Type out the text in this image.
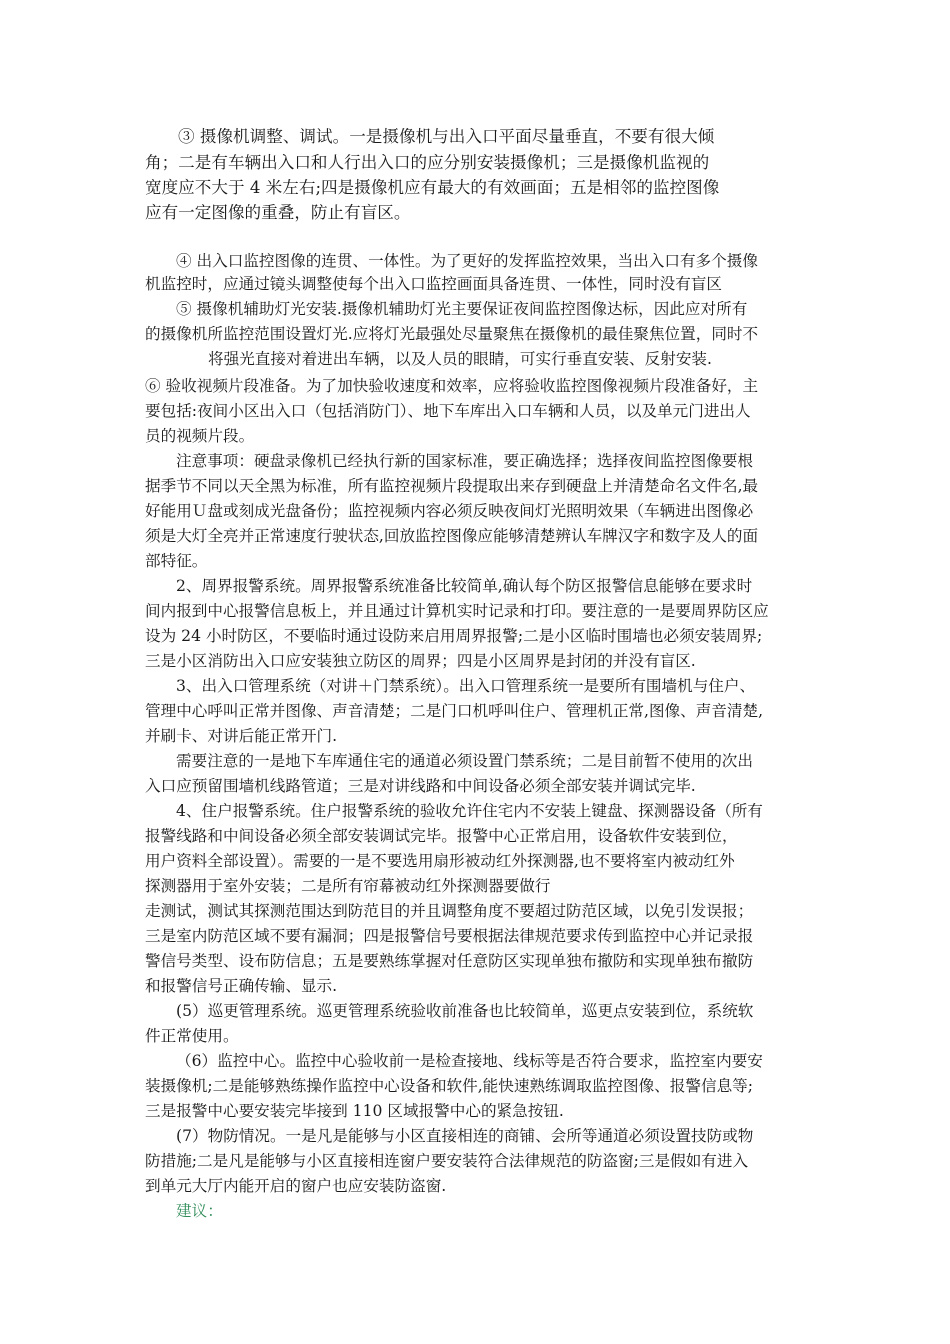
③ 摄像机调整、调试。一是摄像机与出入口平面尽量垂直，不要有很大倾
角；二是有车辆出入口和人行出入口的应分别安装摄像机；三是摄像机监视的
宽度应不大于 4 米左右;四是摄像机应有最大的有效画面；五是相邻的监控图像
应有一定图像的重叠，防止有盲区。
④ 出入口监控图像的连贯、一体性。为了更好的发挥监控效果，当出入口有多个摄像
机监控时，应通过镜头调整使每个出入口监控画面具备连贯、一体性，同时没有盲区
⑤ 摄像机辅助灯光安装.摄像机辅助灯光主要保证夜间监控图像达标，因此应对所有
的摄像机所监控范围设置灯光.应将灯光最强处尽量聚焦在摄像机的最佳聚焦位置，同时不
将强光直接对着进出车辆，以及人员的眼睛，可实行垂直安装、反射安装.
⑥ 验收视频片段准备。为了加快验收速度和效率，应将验收监控图像视频片段准备好，主
要包括:夜间小区出入口（包括消防门）、地下车库出入口车辆和人员，以及单元门进出人
员的视频片段。
注意事项：硬盘录像机已经执行新的国家标准，要正确选择；选择夜间监控图像要根
据季节不同以天全黑为标准，所有监控视频片段提取出来存到硬盘上并清楚命名文件名,最
好能用Ｕ盘或刻成光盘备份；监控视频内容必须反映夜间灯光照明效果（车辆进出图像必
须是大灯全亮并正常速度行驶状态,回放监控图像应能够清楚辨认车牌汉字和数字及人的面
部特征。
2、周界报警系统。周界报警系统准备比较简单,确认每个防区报警信息能够在要求时
间内报到中心报警信息板上，并且通过计算机实时记录和打印。要注意的一是要周界防区应
设为 24 小时防区，不要临时通过设防来启用周界报警;二是小区临时围墙也必须安装周界;
三是小区消防出入口应安装独立防区的周界；四是小区周界是封闭的并没有盲区.
3、出入口管理系统（对讲＋门禁系统）。出入口管理系统一是要所有围墙机与住户、
管理中心呼叫正常并图像、声音清楚；二是门口机呼叫住户、管理机正常,图像、声音清楚,
并刷卡、对讲后能正常开门.
需要注意的一是地下车库通住宅的通道必须设置门禁系统；二是目前暂不使用的次出
入口应预留围墙机线路管道；三是对讲线路和中间设备必须全部安装并调试完毕.
4、住户报警系统。住户报警系统的验收允许住宅内不安装上键盘、探测器设备（所有
报警线路和中间设备必须全部安装调试完毕。报警中心正常启用，设备软件安装到位，
用户资料全部设置）。需要的一是不要选用扇形被动红外探测器,也不要将室内被动红外
探测器用于室外安装；二是所有帘幕被动红外探测器要做行
走测试，测试其探测范围达到防范目的并且调整角度不要超过防范区域，以免引发误报；
三是室内防范区域不要有漏洞；四是报警信号要根据法律规范要求传到监控中心并记录报
警信号类型、设布防信息；五是要熟练掌握对任意防区实现单独布撤防和实现单独布撤防
和报警信号正确传输、显示.
(5）巡更管理系统。巡更管理系统验收前准备也比较简单，巡更点安装到位，系统软
件正常使用。
（6）监控中心。监控中心验收前一是检查接地、线标等是否符合要求，监控室内要安
装摄像机;二是能够熟练操作监控中心设备和软件,能快速熟练调取监控图像、报警信息等;
三是报警中心要安装完毕接到 110 区域报警中心的紧急按钮.
(7）物防情况。一是凡是能够与小区直接相连的商铺、会所等通道必须设置技防或物
防措施;二是凡是能够与小区直接相连窗户要安装符合法律规范的防盗窗;三是假如有进入
到单元大厅内能开启的窗户也应安装防盗窗.
建议：
